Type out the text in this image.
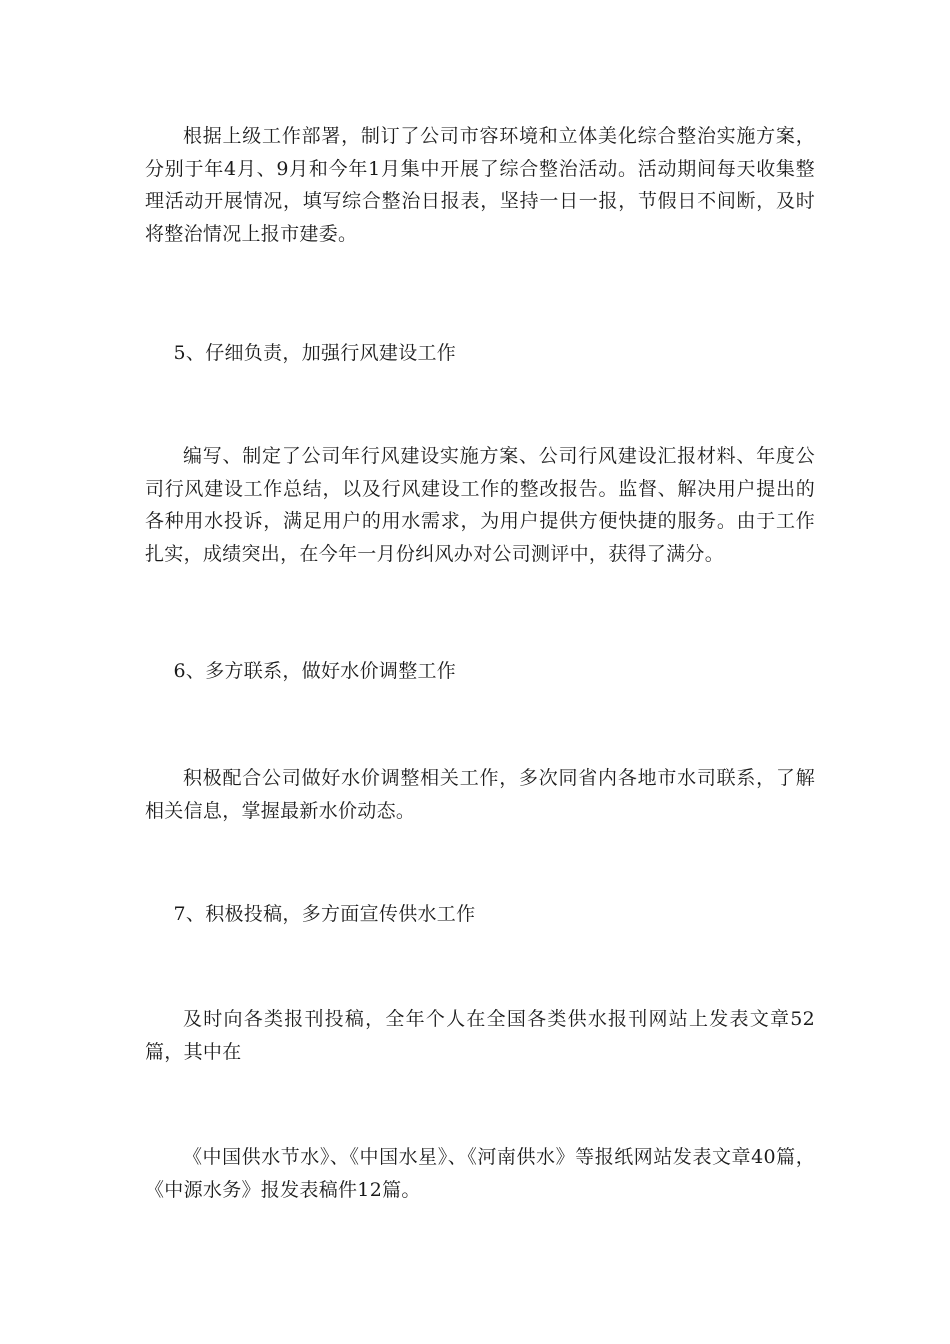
根据上级工作部署，制订了公司市容环境和立体美化综合整治实施方案，分别于年4月、9月和今年1月集中开展了综合整治活动。活动期间每天收集整理活动开展情况，填写综合整治日报表，坚持一日一报，节假日不间断，及时将整治情况上报市建委。

5、仔细负责，加强行风建设工作

编写、制定了公司年行风建设实施方案、公司行风建设汇报材料、年度公司行风建设工作总结，以及行风建设工作的整改报告。监督、解决用户提出的各种用水投诉，满足用户的用水需求，为用户提供方便快捷的服务。由于工作扎实，成绩突出，在今年一月份纠风办对公司测评中，获得了满分。

6、多方联系，做好水价调整工作

积极配合公司做好水价调整相关工作，多次同省内各地市水司联系，了解相关信息，掌握最新水价动态。

7、积极投稿，多方面宣传供水工作

及时向各类报刊投稿，全年个人在全国各类供水报刊网站上发表文章52篇，其中在

《中国供水节水》、《中国水星》、《河南供水》等报纸网站发表文章40篇，《中源水务》报发表稿件12篇。
